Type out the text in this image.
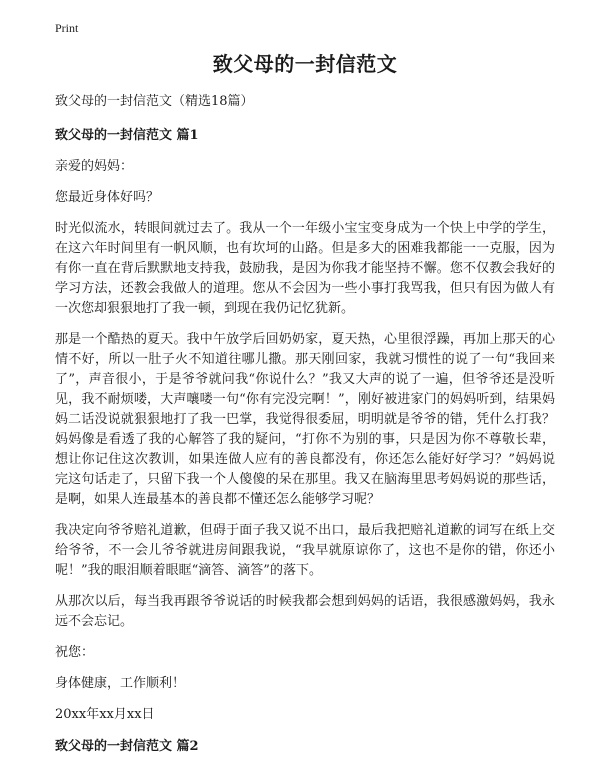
Print
致父母的一封信范文

致父母的一封信范文（精选18篇）

致父母的一封信范文 篇1

亲爱的妈妈：

您最近身体好吗？

时光似流水，转眼间就过去了。我从一个一年级小宝宝变身成为一个快上中学的学生，在这六年时间里有一帆风顺，也有坎坷的山路。但是多大的困难我都能一一克服，因为有你一直在背后默默地支持我，鼓励我，是因为你我才能坚持不懈。您不仅教会我好的学习方法，还教会我做人的道理。您从不会因为一些小事打我骂我，但只有因为做人有一次您却狠狠地打了我一顿，到现在我仍记忆犹新。

那是一个酷热的夏天。我中午放学后回奶奶家，夏天热，心里很浮躁，再加上那天的心情不好，所以一肚子火不知道往哪儿撒。那天刚回家，我就习惯性的说了一句“我回来了”，声音很小，于是爷爷就问我“你说什么？”我又大声的说了一遍，但爷爷还是没听见，我不耐烦喽，大声嚷喽一句“你有完没完啊！”，刚好被进家门的妈妈听到，结果妈妈二话没说就狠狠地打了我一巴掌，我觉得很委屈，明明就是爷爷的错，凭什么打我？妈妈像是看透了我的心解答了我的疑问，“打你不为别的事，只是因为你不尊敬长辈，想让你记住这次教训，如果连做人应有的善良都没有，你还怎么能好好学习？”妈妈说完这句话走了，只留下我一个人傻傻的呆在那里。我又在脑海里思考妈妈说的那些话，是啊，如果人连最基本的善良都不懂还怎么能够学习呢？

我决定向爷爷赔礼道歉，但碍于面子我又说不出口，最后我把赔礼道歉的词写在纸上交给爷爷，不一会儿爷爷就进房间跟我说，“我早就原谅你了，这也不是你的错，你还小呢！”我的眼泪顺着眼眶“滴答、滴答”的落下。

从那次以后，每当我再跟爷爷说话的时候我都会想到妈妈的话语，我很感激妈妈，我永远不会忘记。

祝您：

身体健康，工作顺利！

20xx年xx月xx日

致父母的一封信范文 篇2
